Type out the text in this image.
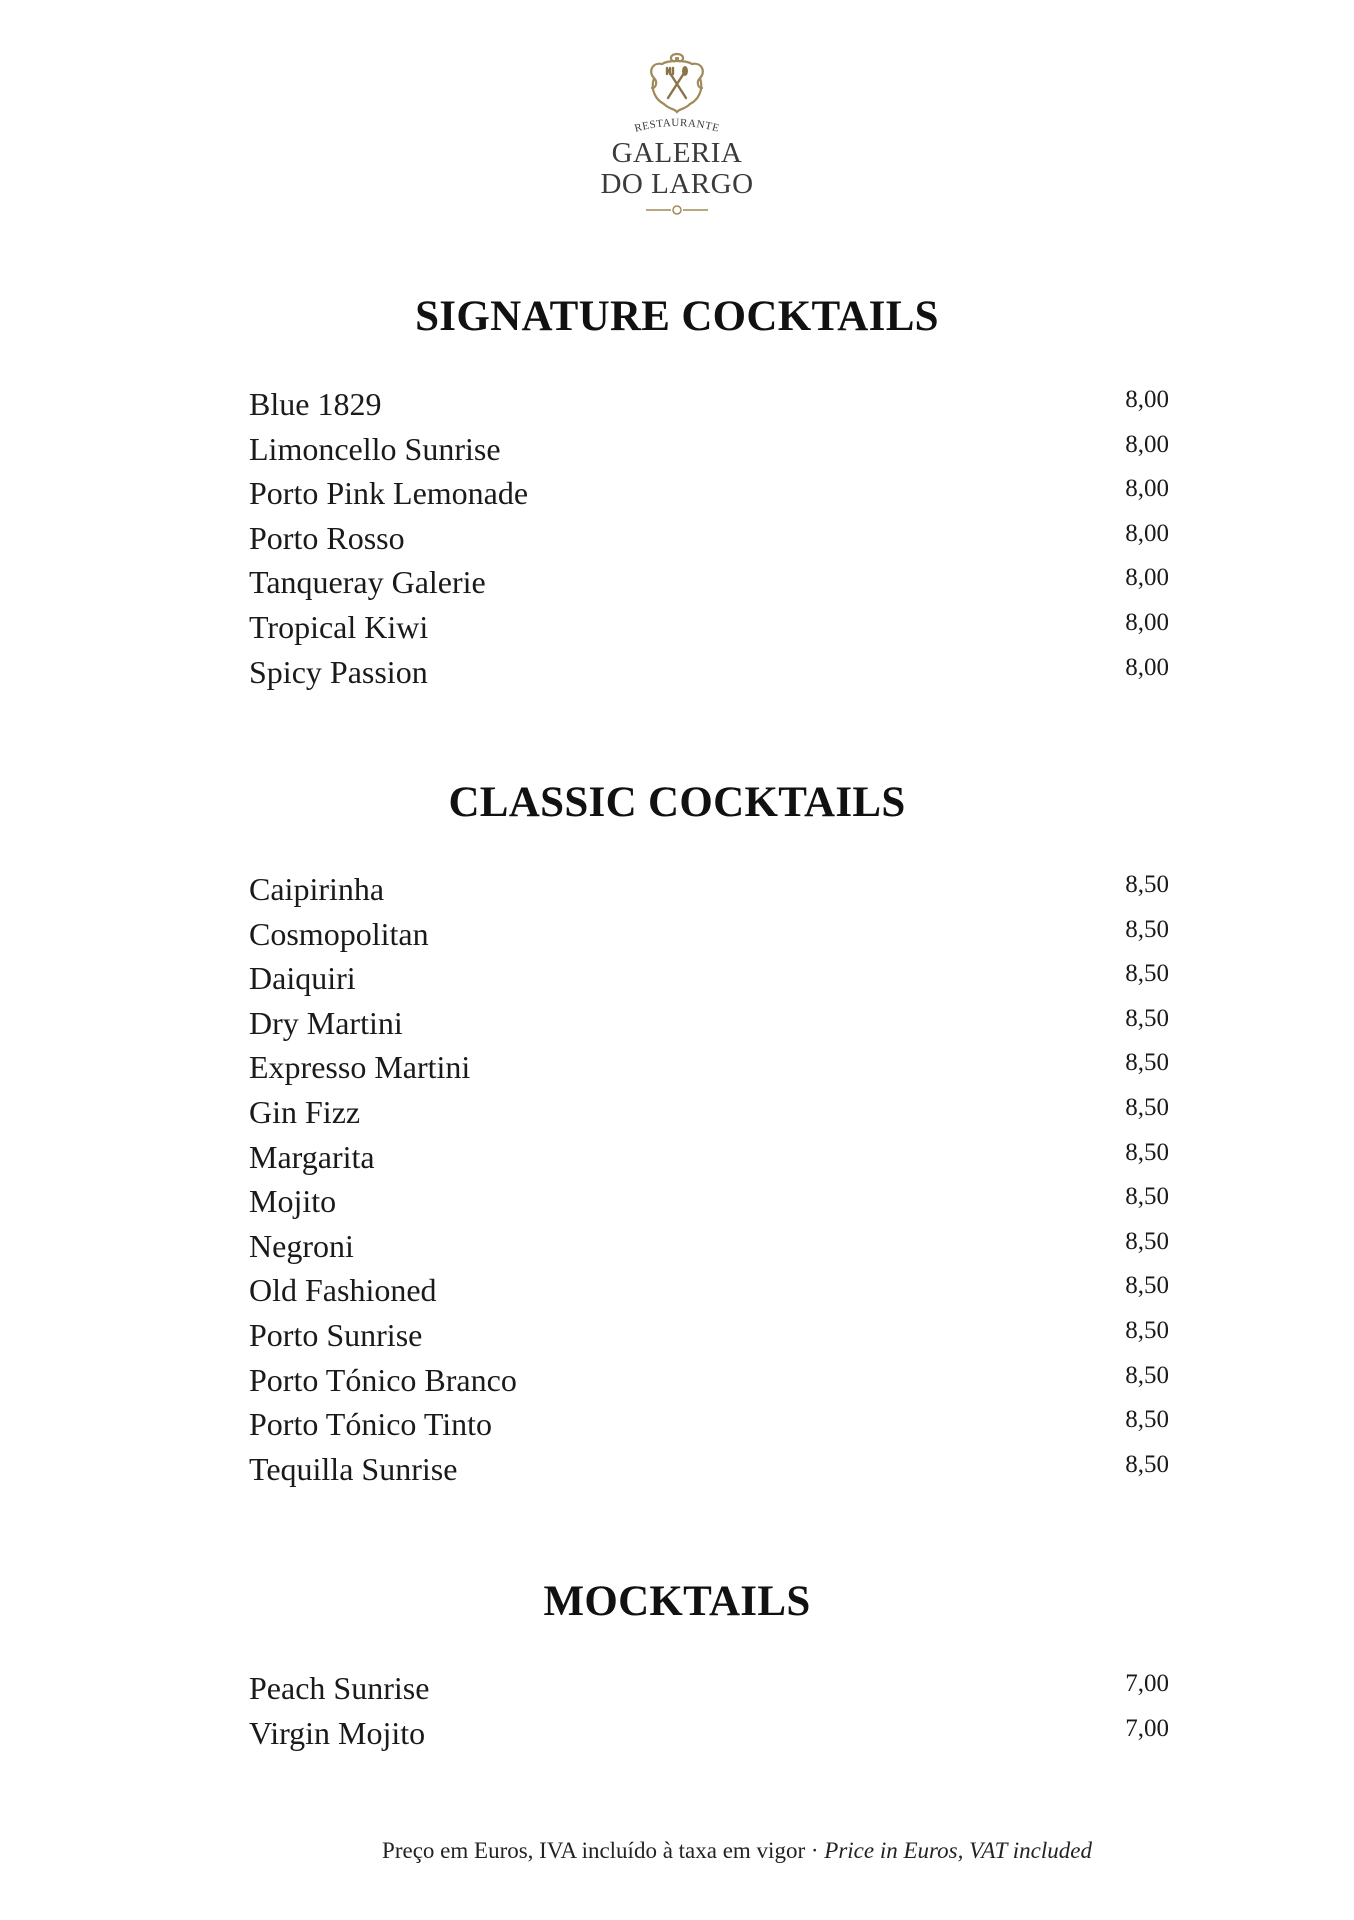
RESTAURANTE
GALERIA
DO LARGO
SIGNATURE COCKTAILS
Blue 1829	8,00
Limoncello Sunrise	8,00
Porto Pink Lemonade	8,00
Porto Rosso	8,00
Tanqueray Galerie	8,00
Tropical Kiwi	8,00
Spicy Passion	8,00
CLASSIC COCKTAILS
Caipirinha	8,50
Cosmopolitan	8,50
Daiquiri	8,50
Dry Martini	8,50
Expresso Martini	8,50
Gin Fizz	8,50
Margarita	8,50
Mojito	8,50
Negroni	8,50
Old Fashioned	8,50
Porto Sunrise	8,50
Porto Tónico Branco	8,50
Porto Tónico Tinto	8,50
Tequilla Sunrise	8,50
MOCKTAILS
Peach Sunrise	7,00
Virgin Mojito	7,00
Preço em Euros, IVA incluído à taxa em vigor · Price in Euros, VAT included
